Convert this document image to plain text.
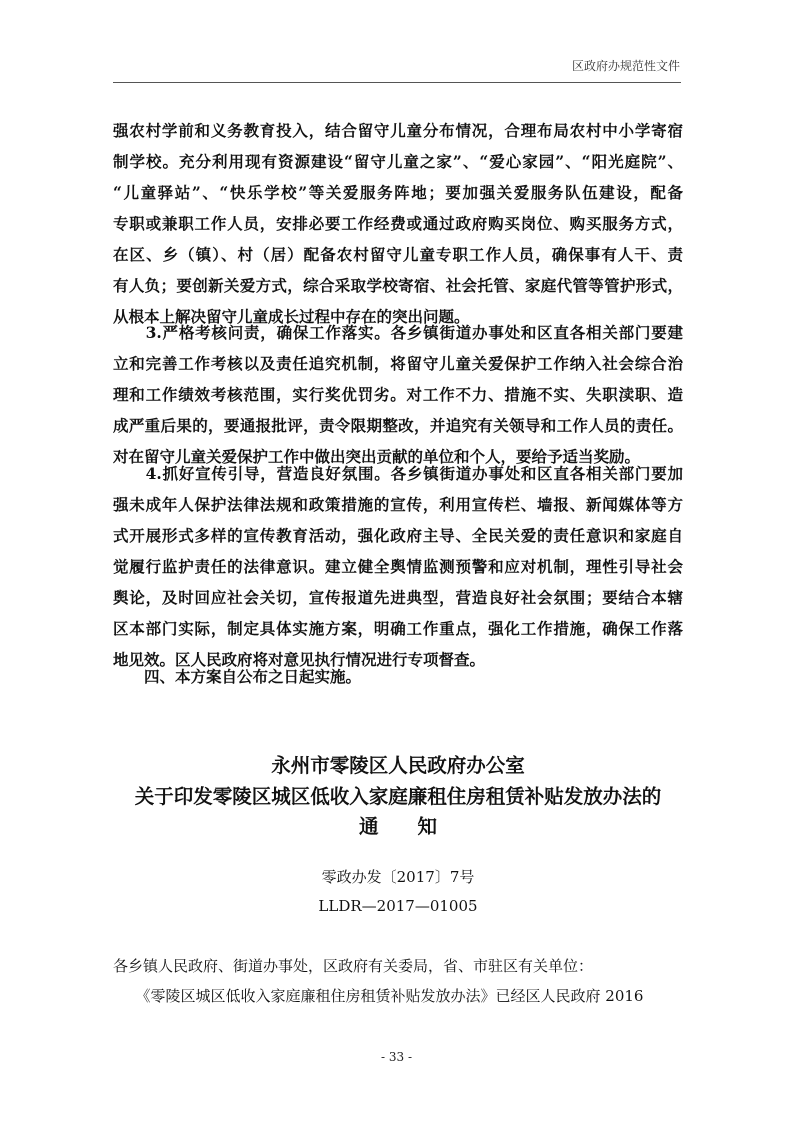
区政府办规范性文件

强农村学前和义务教育投入，结合留守儿童分布情况，合理布局农村中小学寄宿
制学校。充分利用现有资源建设“留守儿童之家”、“爱心家园”、“阳光庭院”、
“儿童驿站”、“快乐学校”等关爱服务阵地；要加强关爱服务队伍建设，配备
专职或兼职工作人员，安排必要工作经费或通过政府购买岗位、购买服务方式，
在区、乡（镇）、村（居）配备农村留守儿童专职工作人员，确保事有人干、责
有人负；要创新关爱方式，综合采取学校寄宿、社会托管、家庭代管等管护形式，
从根本上解决留守儿童成长过程中存在的突出问题。

　　3.严格考核问责，确保工作落实。各乡镇街道办事处和区直各相关部门要建
立和完善工作考核以及责任追究机制，将留守儿童关爱保护工作纳入社会综合治
理和工作绩效考核范围，实行奖优罚劣。对工作不力、措施不实、失职渎职、造
成严重后果的，要通报批评，责令限期整改，并追究有关领导和工作人员的责任。
对在留守儿童关爱保护工作中做出突出贡献的单位和个人，要给予适当奖励。

　　4.抓好宣传引导，营造良好氛围。各乡镇街道办事处和区直各相关部门要加
强未成年人保护法律法规和政策措施的宣传，利用宣传栏、墙报、新闻媒体等方
式开展形式多样的宣传教育活动，强化政府主导、全民关爱的责任意识和家庭自
觉履行监护责任的法律意识。建立健全舆情监测预警和应对机制，理性引导社会
舆论，及时回应社会关切，宣传报道先进典型，营造良好社会氛围；要结合本辖
区本部门实际，制定具体实施方案，明确工作重点，强化工作措施，确保工作落
地见效。区人民政府将对意见执行情况进行专项督查。

　　四、本方案自公布之日起实施。

永州市零陵区人民政府办公室
关于印发零陵区城区低收入家庭廉租住房租赁补贴发放办法的
通　　知
零政办发〔2017〕7号
LLDR—2017—01005
各乡镇人民政府、街道办事处，区政府有关委局，省、市驻区有关单位：
　　《零陵区城区低收入家庭廉租住房租赁补贴发放办法》已经区人民政府 2016
- 33 -
